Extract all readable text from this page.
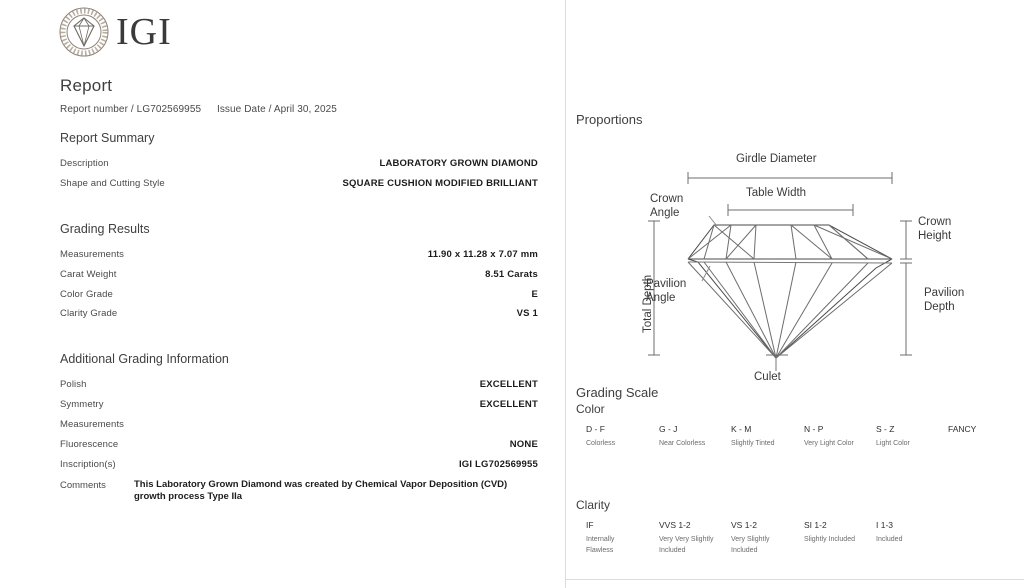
IGI
Report
Report number / LG702569955 Issue Date / April 30, 2025
Report Summary
Description	LABORATORY GROWN DIAMOND
Shape and Cutting Style	SQUARE CUSHION MODIFIED BRILLIANT
Grading Results
Measurements	11.90 x 11.28 x 7.07 mm
Carat Weight	8.51 Carats
Color Grade	E
Clarity Grade	VS 1
Additional Grading Information
Polish	EXCELLENT
Symmetry	EXCELLENT
Measurements
Fluorescence	NONE
Inscription(s)	IGI LG702569955
Comments	This Laboratory Grown Diamond was created by Chemical Vapor Deposition (CVD) growth process Type IIa
Proportions
Girdle Diameter
Table Width
Crown
Angle
Crown
Height
Pavilion
Angle	Pavilion
Depth
Total Depth
Culet
Grading Scale
Color
D - F
Colorless
G - J
Near Colorless
K - M
Slightly Tinted
N - P
Very Light Color
S - Z
Light Color
FANCY
Clarity
IF
Internally Flawless
VVS 1-2
Very Very Slightly Included
VS 1-2
Very Slightly Included
SI 1-2
Slightly Included
I 1-3
Included
